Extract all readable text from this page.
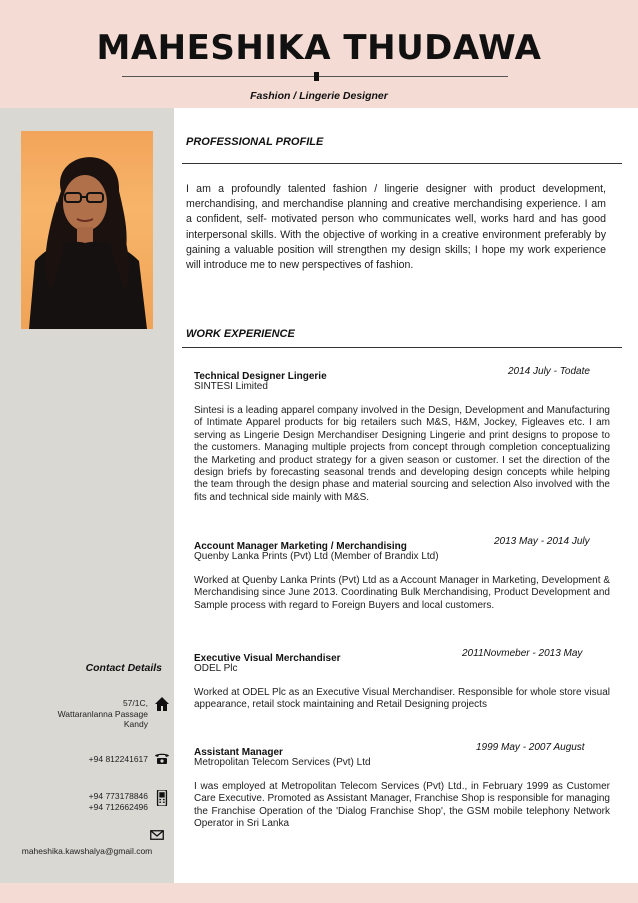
MAHESHIKA THUDAWA
Fashion / Lingerie Designer
PROFESSIONAL PROFILE
I am a profoundly talented fashion / lingerie designer with product development, merchandising, and merchandise planning and creative merchandising experience. I am a confident, self- motivated person who communicates well, works hard and has good interpersonal skills. With the objective of working in a creative environment preferably by gaining a valuable position will strengthen my design skills; I hope my work experience will introduce me to new perspectives of fashion.
WORK EXPERIENCE
Technical Designer Lingerie	2014 July - Todate
SINTESI Limited
Sintesi is a leading apparel company involved in the Design, Development and Manufacturing of Intimate Apparel products for big retailers such M&S, H&M, Jockey, Figleaves etc. I am serving as Lingerie Design Merchandiser Designing Lingerie and print designs to propose to the customers. Managing multiple projects from concept through completion conceptualizing the Marketing and product strategy for a given season or customer. I set the direction of the design briefs by forecasting seasonal trends and developing design concepts while helping the team through the design phase and material sourcing and selection Also involved with the fits and technical side mainly with M&S.
Account Manager Marketing / Merchandising	2013 May - 2014 July
Quenby Lanka Prints (Pvt) Ltd (Member of Brandix Ltd)
Worked at Quenby Lanka Prints (Pvt) Ltd as a Account Manager in Marketing, Development & Merchandising since June 2013. Coordinating Bulk Merchandising, Product Development and Sample process with regard to Foreign Buyers and local customers.
Executive Visual Merchandiser	2011Novmeber - 2013 May
ODEL Plc
Worked at ODEL Plc as an Executive Visual Merchandiser. Responsible for whole store visual appearance, retail stock maintaining and Retail Designing projects
Assistant Manager	1999 May - 2007 August
Metropolitan Telecom Services (Pvt) Ltd
I was employed at Metropolitan Telecom Services (Pvt) Ltd., in February 1999 as Customer Care Executive. Promoted as Assistant Manager, Franchise Shop is responsible for managing the Franchise Operation of the 'Dialog Franchise Shop', the GSM mobile telephony Network Operator in Sri Lanka
Contact Details
57/1C,
Wattaranlanna Passage
Kandy
+94 812241617
+94 773178846
+94 712662496
maheshika.kawshalya@gmail.com
